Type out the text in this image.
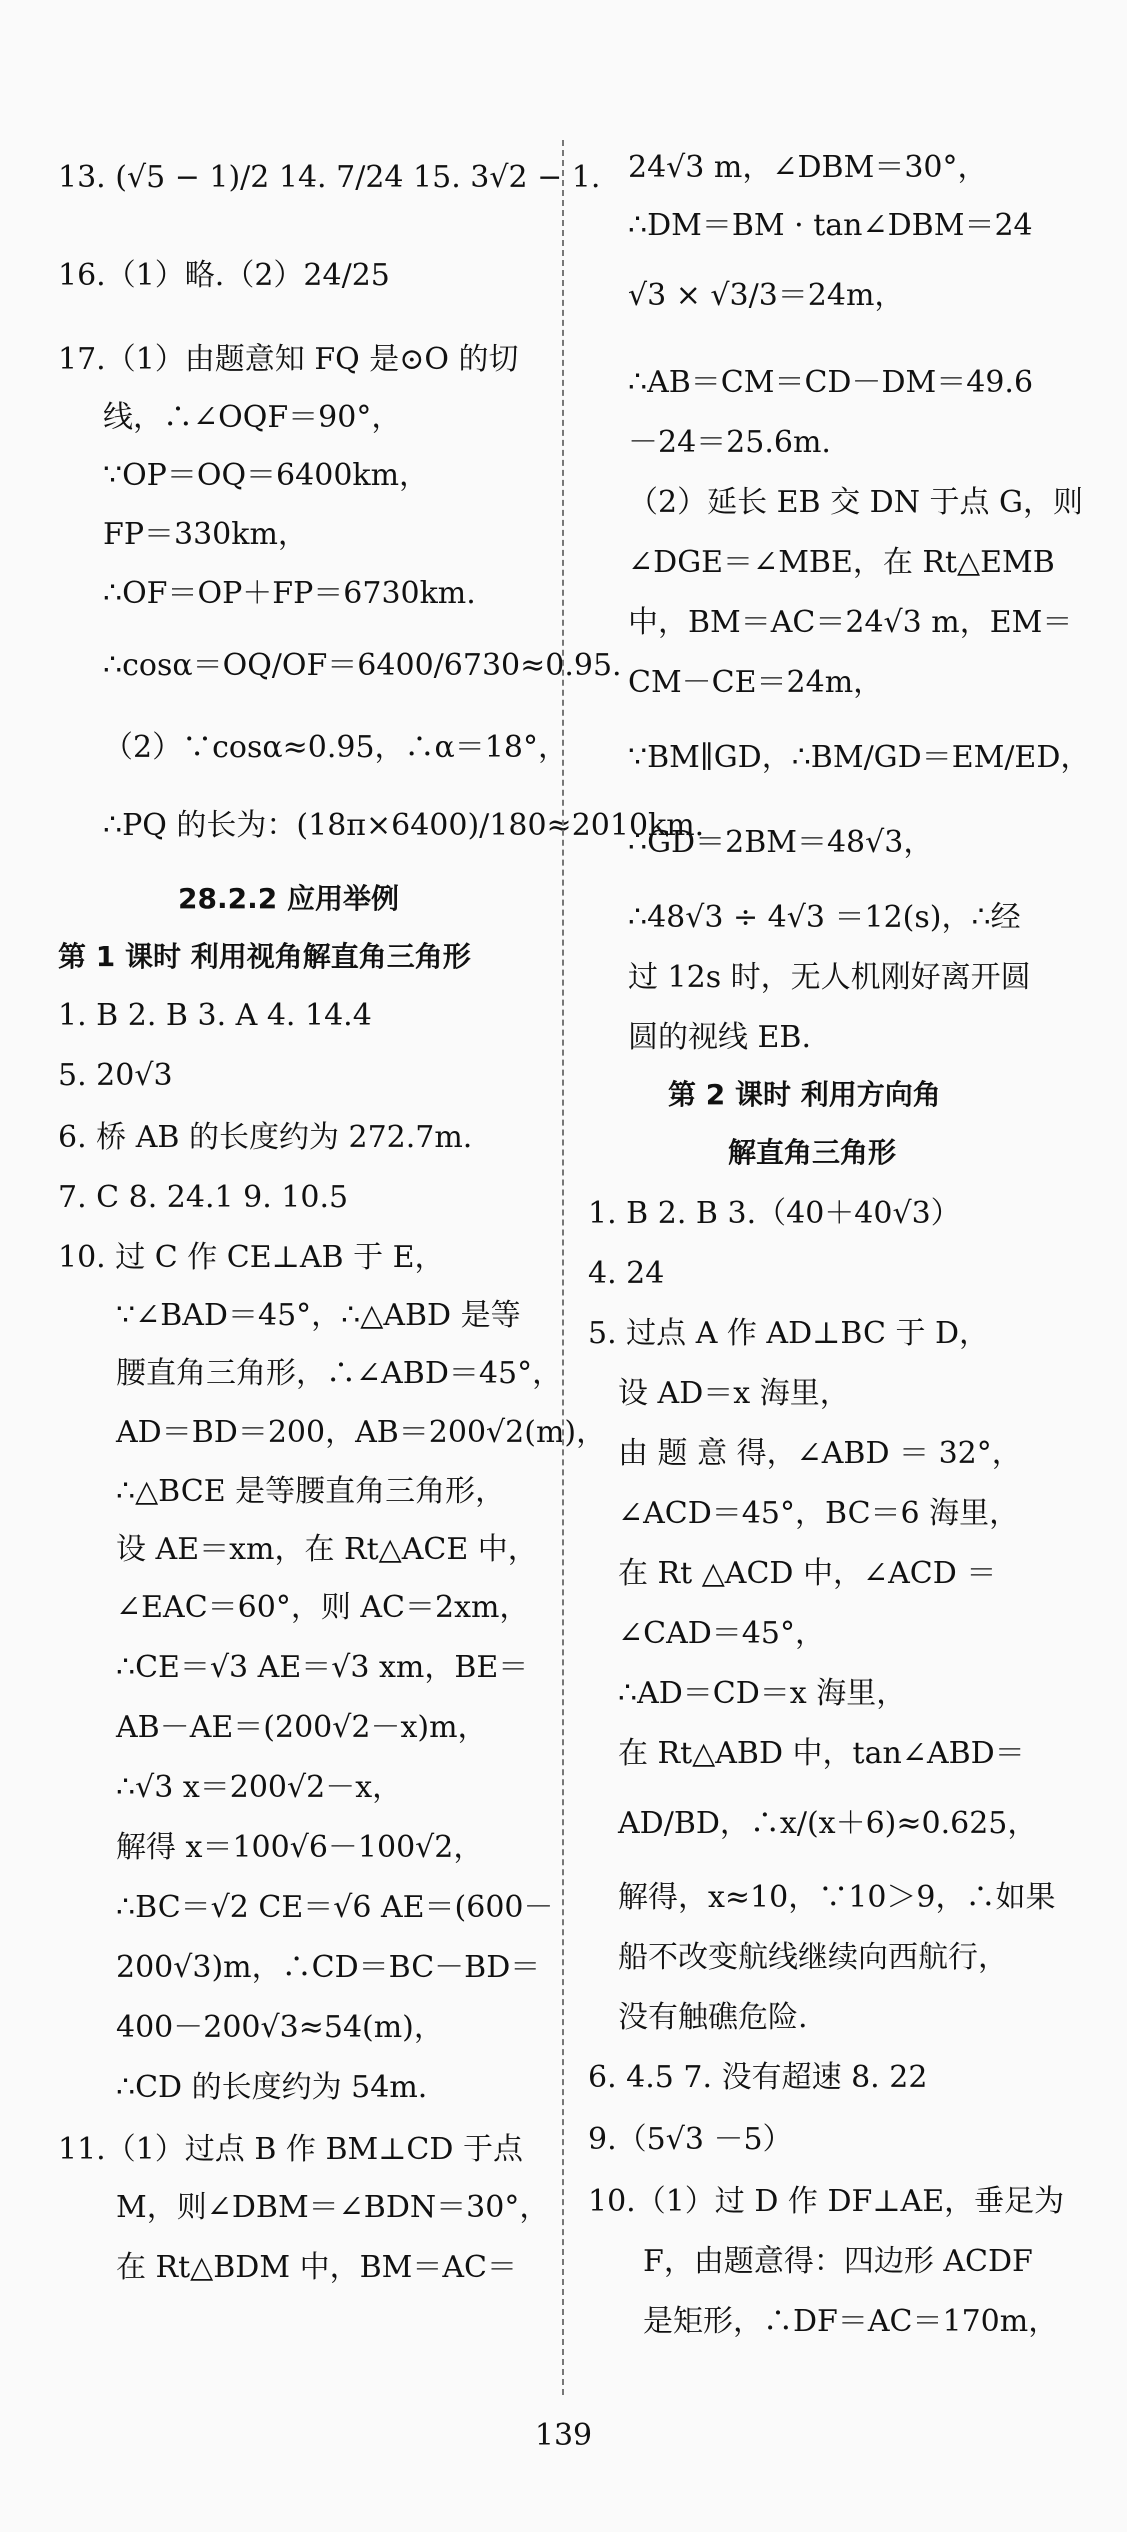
13. (√5 − 1)/2 14. 7/24 15. 3√2 − 1.
16.（1）略.（2）24/25
17.（1）由题意知 FQ 是⊙O 的切
线，∴∠OQF＝90°，
∵OP＝OQ＝6400km，
FP＝330km，
∴OF＝OP＋FP＝6730km.
∴cosα＝OQ/OF＝6400/6730≈0.95.
（2）∵cosα≈0.95，∴α＝18°，
∴PQ 的长为：(18π×6400)/180≈2010km.
28.2.2 应用举例
第 1 课时 利用视角解直角三角形
1. B 2. B 3. A 4. 14.4
5. 20√3
6. 桥 AB 的长度约为 272.7m.
7. C 8. 24.1 9. 10.5
10. 过 C 作 CE⊥AB 于 E，
∵∠BAD＝45°，∴△ABD 是等
腰直角三角形，∴∠ABD＝45°，
AD＝BD＝200，AB＝200√2(m)，
∴△BCE 是等腰直角三角形，
设 AE＝xm，在 Rt△ACE 中，
∠EAC＝60°，则 AC＝2xm，
∴CE＝√3 AE＝√3 xm，BE＝
AB－AE＝(200√2－x)m，
∴√3 x＝200√2－x，
解得 x＝100√6－100√2，
∴BC＝√2 CE＝√6 AE＝(600－
200√3)m，∴CD＝BC－BD＝
400－200√3≈54(m)，
∴CD 的长度约为 54m.
11.（1）过点 B 作 BM⊥CD 于点
M，则∠DBM＝∠BDN＝30°，
在 Rt△BDM 中，BM＝AC＝
24√3 m，∠DBM＝30°，
∴DM＝BM · tan∠DBM＝24
√3 × √3/3＝24m，
∴AB＝CM＝CD－DM＝49.6
－24＝25.6m.
（2）延长 EB 交 DN 于点 G，则
∠DGE＝∠MBE，在 Rt△EMB
中，BM＝AC＝24√3 m，EM＝
CM－CE＝24m，
∵BM∥GD，∴BM/GD＝EM/ED，
∴GD＝2BM＝48√3，
∴48√3 ÷ 4√3 ＝12(s)，∴经
过 12s 时，无人机刚好离开圆
圆的视线 EB.
第 2 课时 利用方向角
解直角三角形
1. B 2. B 3.（40＋40√3）
4. 24
5. 过点 A 作 AD⊥BC 于 D，
设 AD＝x 海里，
由 题 意 得，∠ABD ＝ 32°，
∠ACD＝45°，BC＝6 海里，
在 Rt △ACD 中，∠ACD ＝
∠CAD＝45°，
∴AD＝CD＝x 海里，
在 Rt△ABD 中，tan∠ABD＝
AD/BD，∴x/(x＋6)≈0.625，
解得，x≈10，∵10＞9，∴如果
船不改变航线继续向西航行，
没有触礁危险.
6. 4.5 7. 没有超速 8. 22
9.（5√3 －5）
10.（1）过 D 作 DF⊥AE，垂足为
F，由题意得：四边形 ACDF
是矩形，∴DF＝AC＝170m，
139
